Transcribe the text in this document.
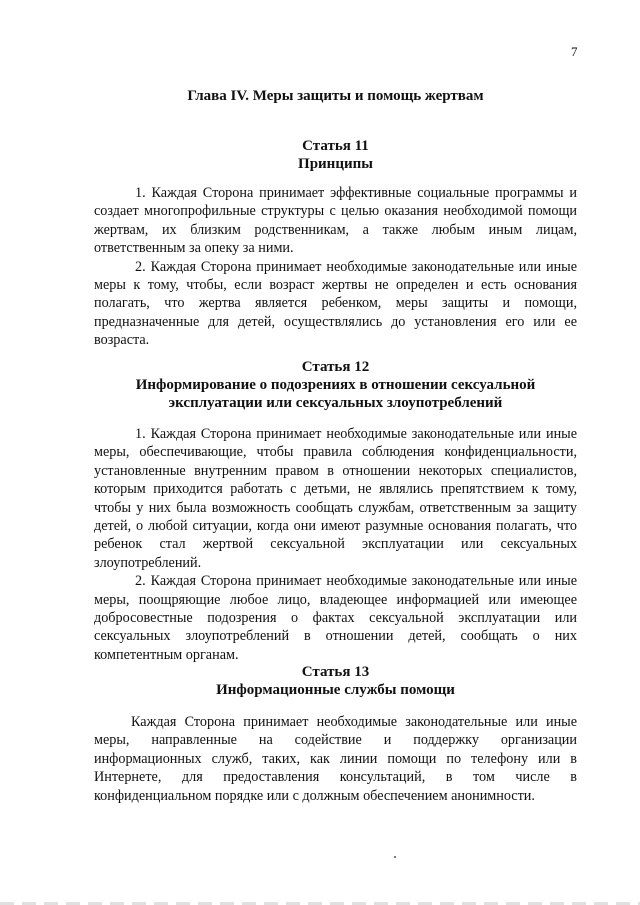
7
Глава IV. Меры защиты и помощь жертвам
Статья 11
Принципы

1. Каждая Сторона принимает эффективные социальные программы и создает многопрофильные структуры с целью оказания необходимой помощи жертвам, их близким родственникам, а также любым иным лицам, ответственным за опеку за ними.

2. Каждая Сторона принимает необходимые законодательные или иные меры к тому, чтобы, если возраст жертвы не определен и есть основания полагать, что жертва является ребенком, меры защиты и помощи, предназначенные для детей, осуществлялись до установления его или ее возраста.

Статья 12
Информирование о подозрениях в отношении сексуальной
эксплуатации или сексуальных злоупотреблений

1. Каждая Сторона принимает необходимые законодательные или иные меры, обеспечивающие, чтобы правила соблюдения конфиденциальности, установленные внутренним правом в отношении некоторых специалистов, которым приходится работать с детьми, не являлись препятствием к тому, чтобы у них была возможность сообщать службам, ответственным за защиту детей, о любой ситуации, когда они имеют разумные основания полагать, что ребенок стал жертвой сексуальной эксплуатации или сексуальных злоупотреблений.

2. Каждая Сторона принимает необходимые законодательные или иные меры, поощряющие любое лицо, владеющее информацией или имеющее добросовестные подозрения о фактах сексуальной эксплуатации или сексуальных злоупотреблений в отношении детей, сообщать о них компетентным органам.

Статья 13
Информационные службы помощи

Каждая Сторона принимает необходимые законодательные или иные меры, направленные на содействие и поддержку организации информационных служб, таких, как линии помощи по телефону или в Интернете, для предоставления консультаций, в том числе в конфиденциальном порядке или с должным обеспечением анонимности.
